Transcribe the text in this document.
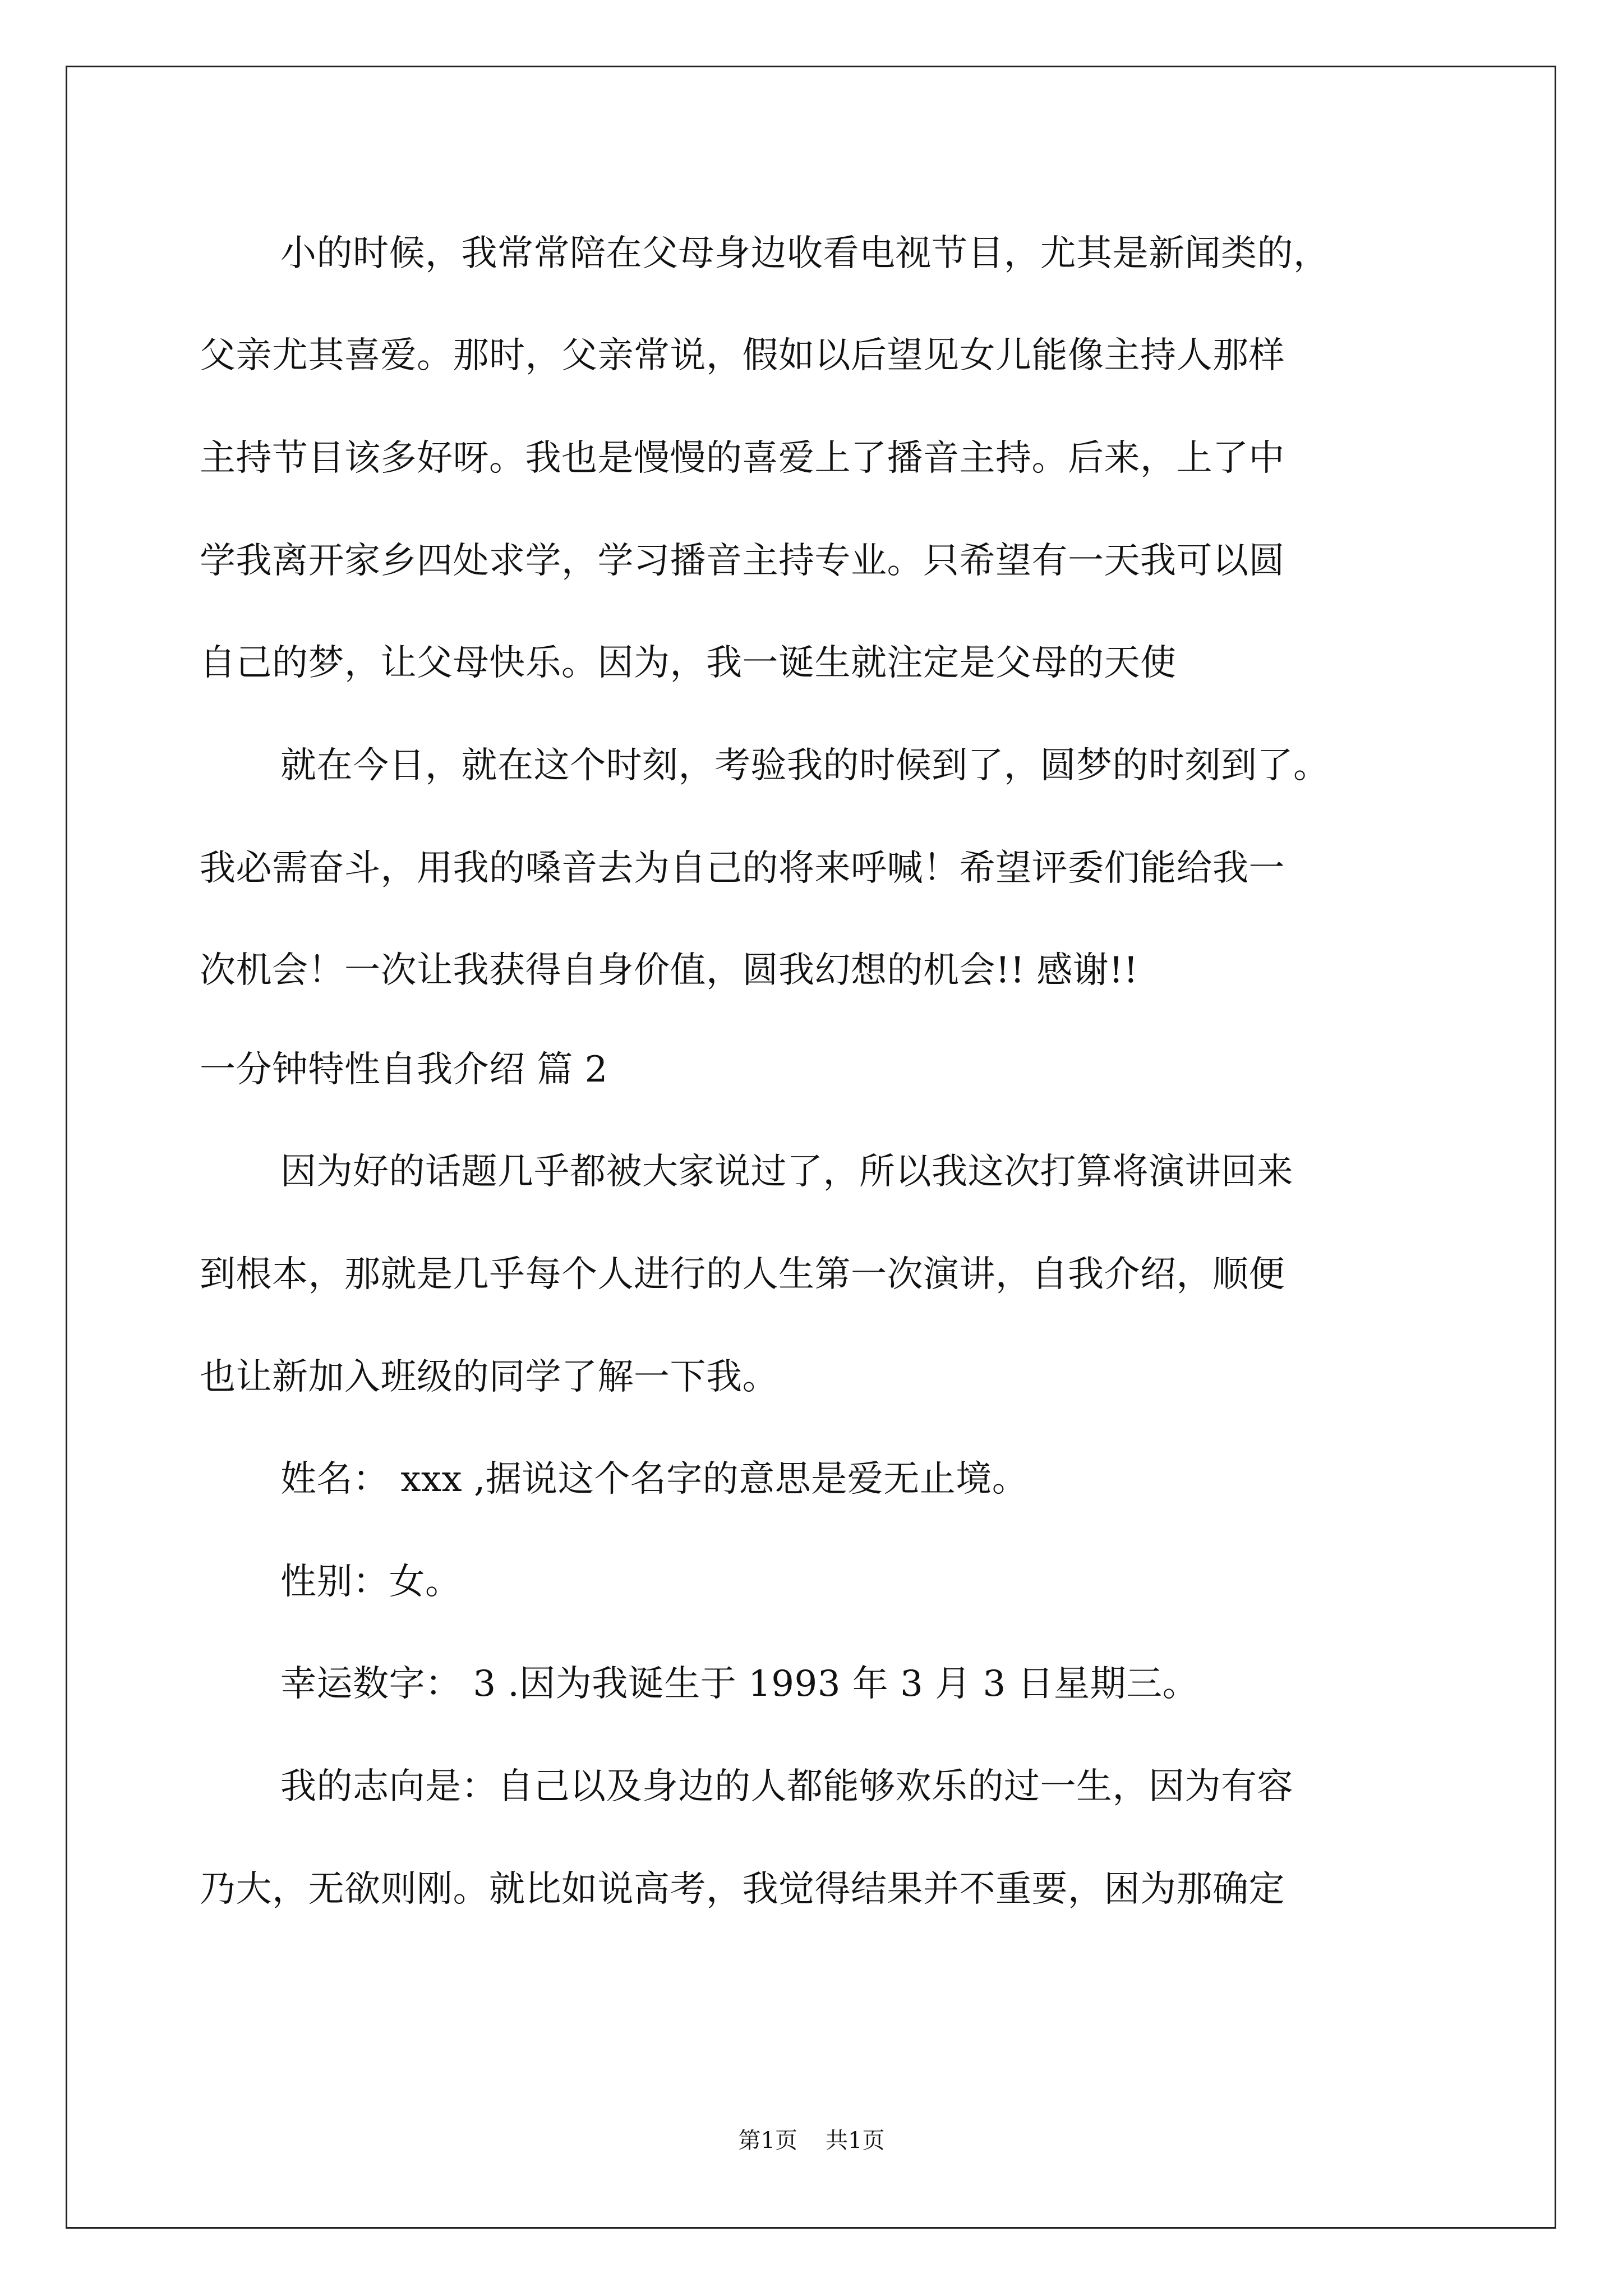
小的时候，我常常陪在父母身边收看电视节目，尤其是新闻类的，
父亲尤其喜爱。那时，父亲常说，假如以后望见女儿能像主持人那样
主持节目该多好呀。我也是慢慢的喜爱上了播音主持。后来，上了中
学我离开家乡四处求学，学习播音主持专业。只希望有一天我可以圆
自己的梦，让父母快乐。因为，我一诞生就注定是父母的天使
就在今日，就在这个时刻，考验我的时候到了，圆梦的时刻到了。
我必需奋斗，用我的嗓音去为自己的将来呼喊！希望评委们能给我一
次机会！一次让我获得自身价值，圆我幻想的机会!! 感谢!!
一分钟特性自我介绍 篇 2
因为好的话题几乎都被大家说过了，所以我这次打算将演讲回来
到根本，那就是几乎每个人进行的人生第一次演讲，自我介绍，顺便
也让新加入班级的同学了解一下我。
姓名： xxx ,据说这个名字的意思是爱无止境。
性别：女。
幸运数字： 3 .因为我诞生于 1993 年 3 月 3 日星期三。
我的志向是：自己以及身边的人都能够欢乐的过一生，因为有容
乃大，无欲则刚。就比如说高考，我觉得结果并不重要，困为那确定
第1页 共1页
